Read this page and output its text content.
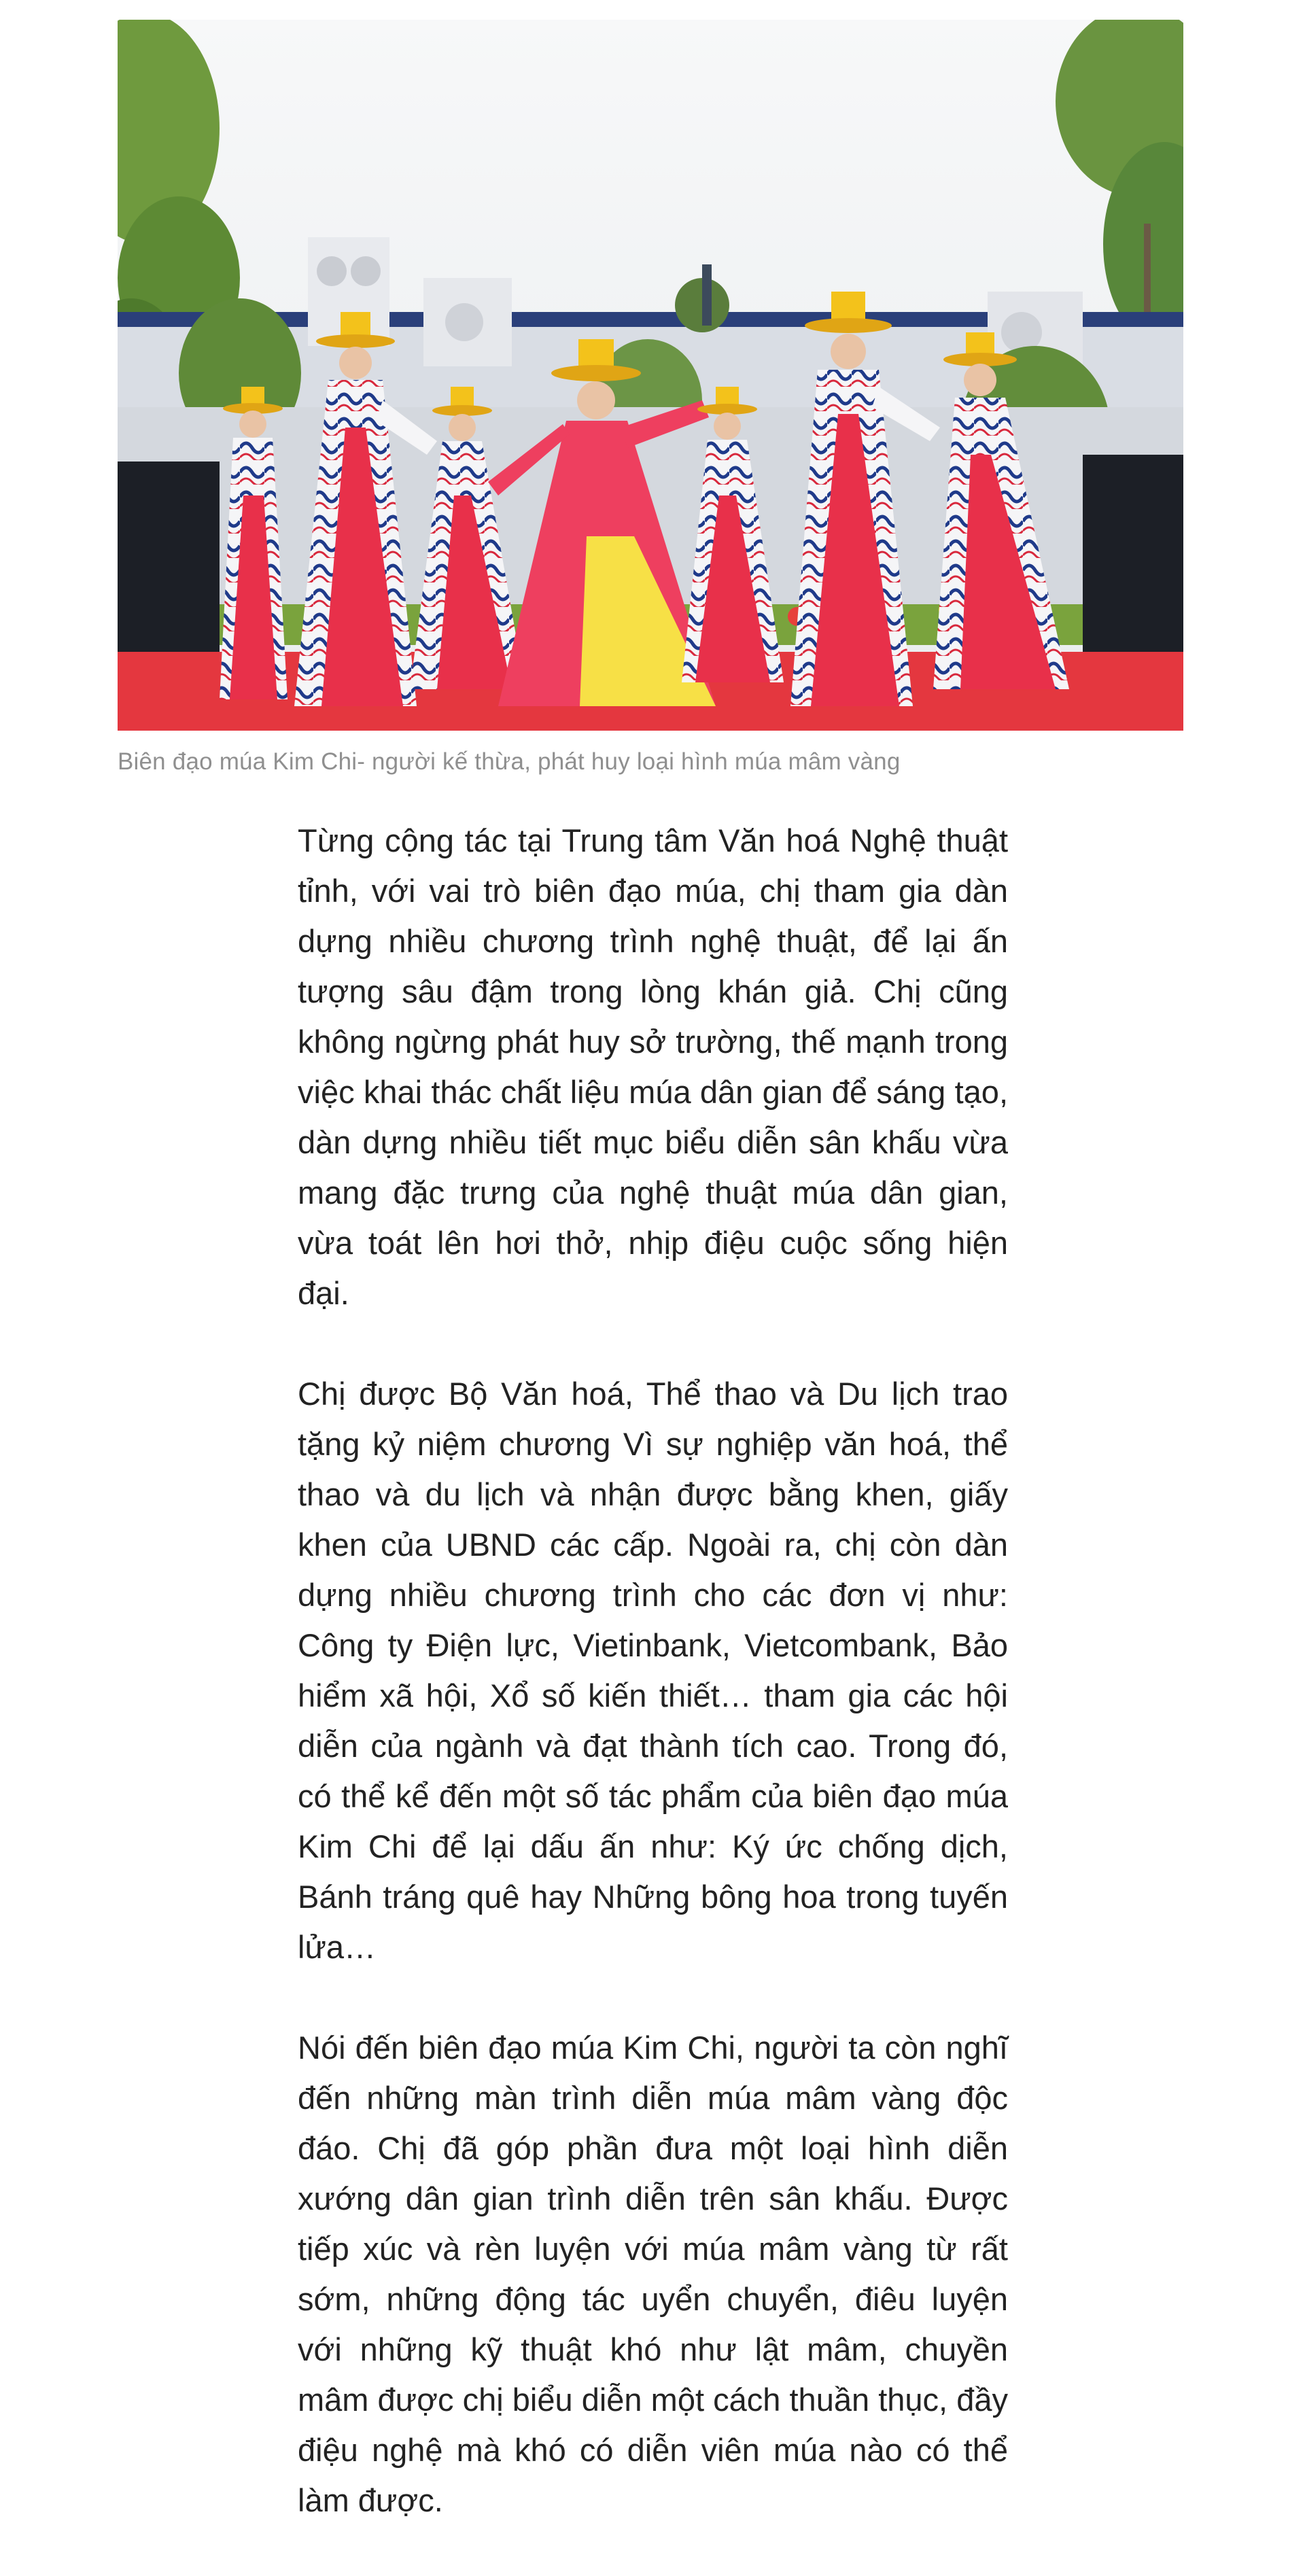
Biên đạo múa Kim Chi- người kế thừa, phát huy loại hình múa mâm vàng

Từng cộng tác tại Trung tâm Văn hoá Nghệ thuật tỉnh, với vai trò biên đạo múa, chị tham gia dàn dựng nhiều chương trình nghệ thuật, để lại ấn tượng sâu đậm trong lòng khán giả. Chị cũng không ngừng phát huy sở trường, thế mạnh trong việc khai thác chất liệu múa dân gian để sáng tạo, dàn dựng nhiều tiết mục biểu diễn sân khấu vừa mang đặc trưng của nghệ thuật múa dân gian, vừa toát lên hơi thở, nhịp điệu cuộc sống hiện đại.

Chị được Bộ Văn hoá, Thể thao và Du lịch trao tặng kỷ niệm chương Vì sự nghiệp văn hoá, thể thao và du lịch và nhận được bằng khen, giấy khen của UBND các cấp. Ngoài ra, chị còn dàn dựng nhiều chương trình cho các đơn vị như: Công ty Điện lực, Vietinbank, Vietcombank, Bảo hiểm xã hội, Xổ số kiến thiết… tham gia các hội diễn của ngành và đạt thành tích cao. Trong đó, có thể kể đến một số tác phẩm của biên đạo múa Kim Chi để lại dấu ấn như: Ký ức chống dịch, Bánh tráng quê hay Những bông hoa trong tuyến lửa…

Nói đến biên đạo múa Kim Chi, người ta còn nghĩ đến những màn trình diễn múa mâm vàng độc đáo. Chị đã góp phần đưa một loại hình diễn xướng dân gian trình diễn trên sân khấu. Được tiếp xúc và rèn luyện với múa mâm vàng từ rất sớm, những động tác uyển chuyển, điêu luyện với những kỹ thuật khó như lật mâm, chuyền mâm được chị biểu diễn một cách thuần thục, đầy điệu nghệ mà khó có diễn viên múa nào có thể làm được.
